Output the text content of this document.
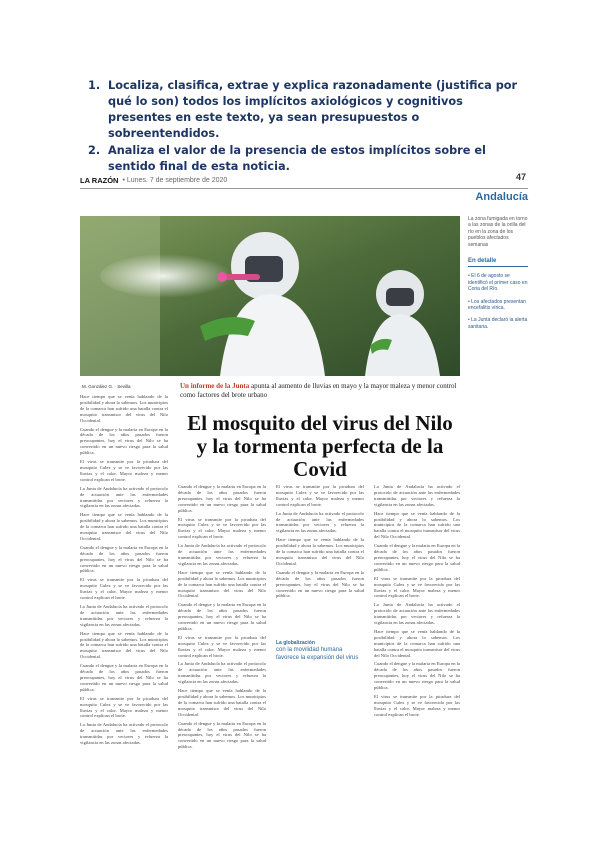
1. Localiza, clasifica, extrae y explica razonadamente (justifica por qué lo son) todos los implícitos axiológicos y cognitivos presentes en este texto, ya sean presupuestos o sobreentendidos.
2. Analiza el valor de la presencia de estos implícitos sobre el sentido final de esta noticia.
LA RAZÓN • Lunes. 7 de septiembre de 2020	47
Andalucía
La zona fumigada en torno a las zonas de la orilla del río en la zona de los pueblos afectados semanas
En detalle
• El 6 de agosto se identificó el primer caso en Coria del Río.
• Los afectados presentan encefalitis vírica.
• La Junta declaró la alerta sanitaria.
M. González G. · Sevilla	Un informe de la Junta apunta al aumento de lluvias en mayo y la mayor maleza y menor control como factores del brote urbano
El mosquito del virus del Nilo y la tormenta perfecta de la Covid

Hace tiempo que se venía hablando de la posibilidad y ahora lo sabemos. Los municipios de la comarca han sufrido una batalla contra el mosquito transmisor del virus del Nilo Occidental.

Cuando el dengue y la malaria en Europa en la década de los años pasados fueron preocupantes, hoy el virus del Nilo se ha convertido en un nuevo riesgo para la salud pública.

El virus se transmite por la picadura del mosquito Culex y se ve favorecido por las lluvias y el calor. Mayor maleza y menor control explican el brote.

La Junta de Andalucía ha activado el protocolo de actuación ante las enfermedades transmitidas por vectores y refuerza la vigilancia en las zonas afectadas.

Hace tiempo que se venía hablando de la posibilidad y ahora lo sabemos. Los municipios de la comarca han sufrido una batalla contra el mosquito transmisor del virus del Nilo Occidental.

Cuando el dengue y la malaria en Europa en la década de los años pasados fueron preocupantes, hoy el virus del Nilo se ha convertido en un nuevo riesgo para la salud pública.

El virus se transmite por la picadura del mosquito Culex y se ve favorecido por las lluvias y el calor. Mayor maleza y menor control explican el brote.

La Junta de Andalucía ha activado el protocolo de actuación ante las enfermedades transmitidas por vectores y refuerza la vigilancia en las zonas afectadas.

Hace tiempo que se venía hablando de la posibilidad y ahora lo sabemos. Los municipios de la comarca han sufrido una batalla contra el mosquito transmisor del virus del Nilo Occidental.

Cuando el dengue y la malaria en Europa en la década de los años pasados fueron preocupantes, hoy el virus del Nilo se ha convertido en un nuevo riesgo para la salud pública.

El virus se transmite por la picadura del mosquito Culex y se ve favorecido por las lluvias y el calor. Mayor maleza y menor control explican el brote.

La Junta de Andalucía ha activado el protocolo de actuación ante las enfermedades transmitidas por vectores y refuerza la vigilancia en las zonas afectadas.

Cuando el dengue y la malaria en Europa en la década de los años pasados fueron preocupantes, hoy el virus del Nilo se ha convertido en un nuevo riesgo para la salud pública.

El virus se transmite por la picadura del mosquito Culex y se ve favorecido por las lluvias y el calor. Mayor maleza y menor control explican el brote.

La Junta de Andalucía ha activado el protocolo de actuación ante las enfermedades transmitidas por vectores y refuerza la vigilancia en las zonas afectadas.

Hace tiempo que se venía hablando de la posibilidad y ahora lo sabemos. Los municipios de la comarca han sufrido una batalla contra el mosquito transmisor del virus del Nilo Occidental.

Cuando el dengue y la malaria en Europa en la década de los años pasados fueron preocupantes, hoy el virus del Nilo se ha convertido en un nuevo riesgo para la salud pública.

El virus se transmite por la picadura del mosquito Culex y se ve favorecido por las lluvias y el calor. Mayor maleza y menor control explican el brote.

La Junta de Andalucía ha activado el protocolo de actuación ante las enfermedades transmitidas por vectores y refuerza la vigilancia en las zonas afectadas.

Hace tiempo que se venía hablando de la posibilidad y ahora lo sabemos. Los municipios de la comarca han sufrido una batalla contra el mosquito transmisor del virus del Nilo Occidental.

Cuando el dengue y la malaria en Europa en la década de los años pasados fueron preocupantes, hoy el virus del Nilo se ha convertido en un nuevo riesgo para la salud pública.

El virus se transmite por la picadura del mosquito Culex y se ve favorecido por las lluvias y el calor. Mayor maleza y menor control explican el brote.

La Junta de Andalucía ha activado el protocolo de actuación ante las enfermedades transmitidas por vectores y refuerza la vigilancia en las zonas afectadas.

Hace tiempo que se venía hablando de la posibilidad y ahora lo sabemos. Los municipios de la comarca han sufrido una batalla contra el mosquito transmisor del virus del Nilo Occidental.

Cuando el dengue y la malaria en Europa en la década de los años pasados fueron preocupantes, hoy el virus del Nilo se ha convertido en un nuevo riesgo para la salud pública.

La globalización
con la movilidad humana favorece la expansión del virus

La Junta de Andalucía ha activado el protocolo de actuación ante las enfermedades transmitidas por vectores y refuerza la vigilancia en las zonas afectadas.

Hace tiempo que se venía hablando de la posibilidad y ahora lo sabemos. Los municipios de la comarca han sufrido una batalla contra el mosquito transmisor del virus del Nilo Occidental.

Cuando el dengue y la malaria en Europa en la década de los años pasados fueron preocupantes, hoy el virus del Nilo se ha convertido en un nuevo riesgo para la salud pública.

El virus se transmite por la picadura del mosquito Culex y se ve favorecido por las lluvias y el calor. Mayor maleza y menor control explican el brote.

La Junta de Andalucía ha activado el protocolo de actuación ante las enfermedades transmitidas por vectores y refuerza la vigilancia en las zonas afectadas.

Hace tiempo que se venía hablando de la posibilidad y ahora lo sabemos. Los municipios de la comarca han sufrido una batalla contra el mosquito transmisor del virus del Nilo Occidental.

Cuando el dengue y la malaria en Europa en la década de los años pasados fueron preocupantes, hoy el virus del Nilo se ha convertido en un nuevo riesgo para la salud pública.

El virus se transmite por la picadura del mosquito Culex y se ve favorecido por las lluvias y el calor. Mayor maleza y menor control explican el brote.
